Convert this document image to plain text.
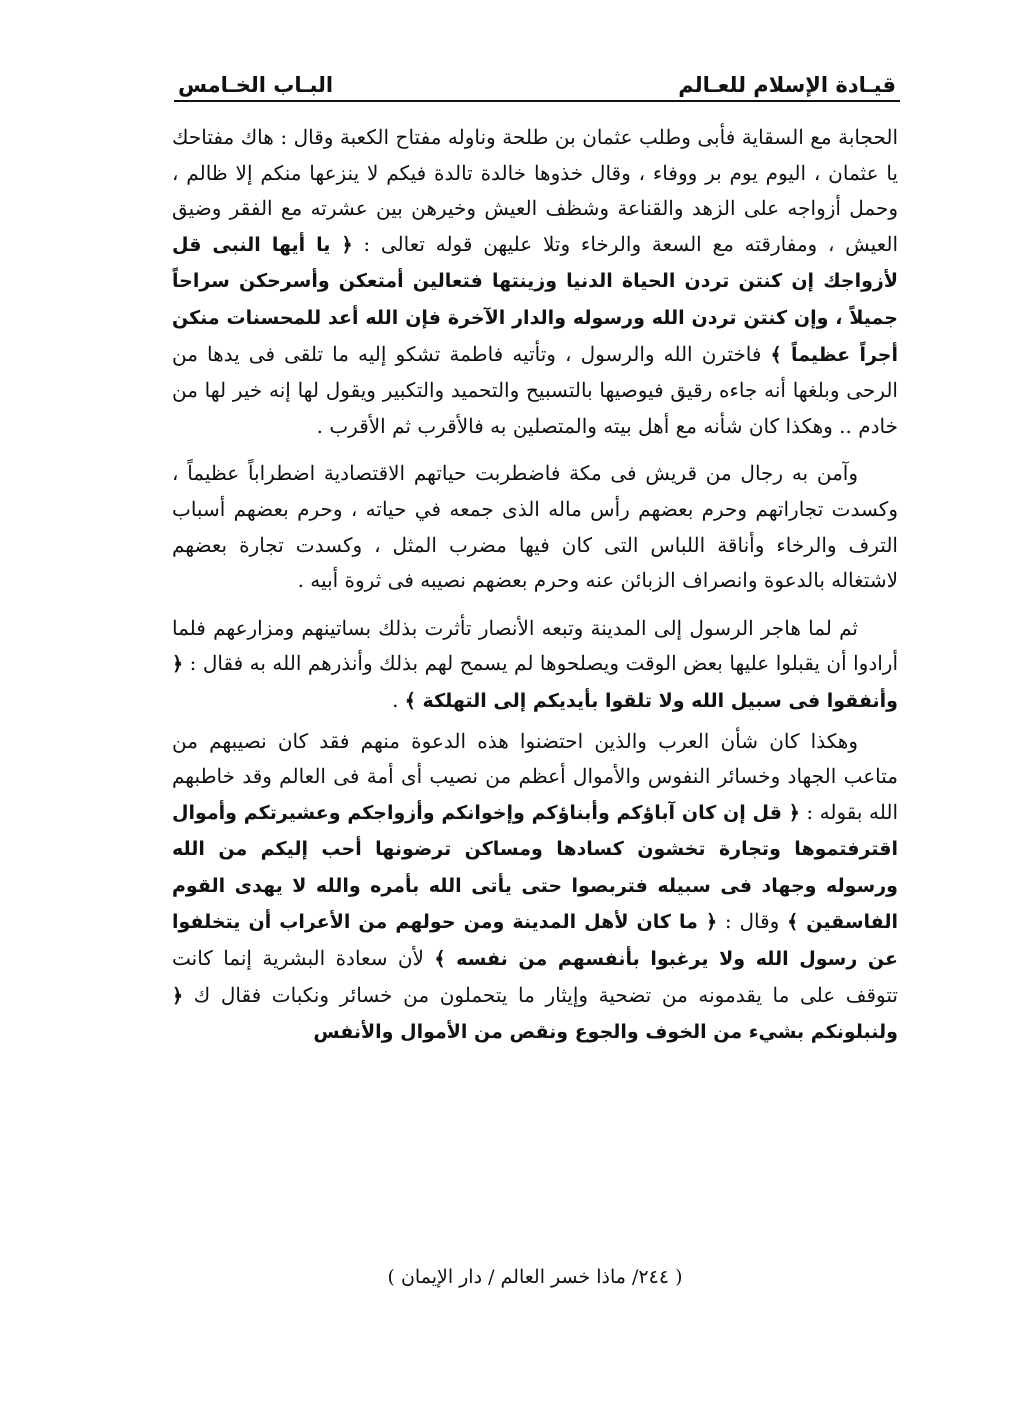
قيـادة الإسلام للعـالم
البـاب الخـامس

الحجابة مع السقاية فأبى وطلب عثمان بن طلحة وناوله مفتاح الكعبة وقال : هاك مفتاحك يا عثمان ، اليوم يوم بر ووفاء ، وقال خذوها خالدة تالدة فيكم لا ينزعها منكم إلا ظالم ، وحمل أزواجه على الزهد والقناعة وشظف العيش وخيرهن بين عشرته مع الفقر وضيق العيش ، ومفارقته مع السعة والرخاء وتلا عليهن قوله تعالى : ﴿ يا أيها النبى قل لأزواجك إن كنتن تردن الحياة الدنيا وزينتها فتعالين أمتعكن وأسرحكن سراحاً جميلاً ، وإن كنتن تردن الله ورسوله والدار الآخرة فإن الله أعد للمحسنات منكن أجراً عظيماً ﴾ فاخترن الله والرسول ، وتأتيه فاطمة تشكو إليه ما تلقى فى يدها من الرحى وبلغها أنه جاءه رقيق فيوصيها بالتسبيح والتحميد والتكبير ويقول لها إنه خير لها من خادم .. وهكذا كان شأنه مع أهل بيته والمتصلين به فالأقرب ثم الأقرب .

وآمن به رجال من قريش فى مكة فاضطربت حياتهم الاقتصادية اضطراباً عظيماً ، وكسدت تجاراتهم وحرم بعضهم رأس ماله الذى جمعه في حياته ، وحرم بعضهم أسباب الترف والرخاء وأناقة اللباس التى كان فيها مضرب المثل ، وكسدت تجارة بعضهم لاشتغاله بالدعوة وانصراف الزبائن عنه وحرم بعضهم نصيبه فى ثروة أبيه .

ثم لما هاجر الرسول إلى المدينة وتبعه الأنصار تأثرت بذلك بساتينهم ومزارعهم فلما أرادوا أن يقبلوا عليها بعض الوقت ويصلحوها لم يسمح لهم بذلك وأنذرهم الله به فقال : ﴿ وأنفقوا فى سبيل الله ولا تلقوا بأيديكم إلى التهلكة ﴾ .

وهكذا كان شأن العرب والذين احتضنوا هذه الدعوة منهم فقد كان نصيبهم من متاعب الجهاد وخسائر النفوس والأموال أعظم من نصيب أى أمة فى العالم وقد خاطبهم الله بقوله : ﴿ قل إن كان آباؤكم وأبناؤكم وإخوانكم وأزواجكم وعشيرتكم وأموال اقترفتموها وتجارة تخشون كسادها ومساكن ترضونها أحب إليكم من الله ورسوله وجهاد فى سبيله فتربصوا حتى يأتى الله بأمره والله لا يهدى القوم الفاسقين ﴾ وقال : ﴿ ما كان لأهل المدينة ومن حولهم من الأعراب أن يتخلفوا عن رسول الله ولا يرغبوا بأنفسهم من نفسه ﴾ لأن سعادة البشرية إنما كانت تتوقف على ما يقدمونه من تضحية وإيثار ما يتحملون من خسائر ونكبات فقال ك ﴿ ولنبلونكم بشيء من الخوف والجوع ونقص من الأموال والأنفس

( ٢٤٤/ ماذا خسر العالم / دار الإيمان )
